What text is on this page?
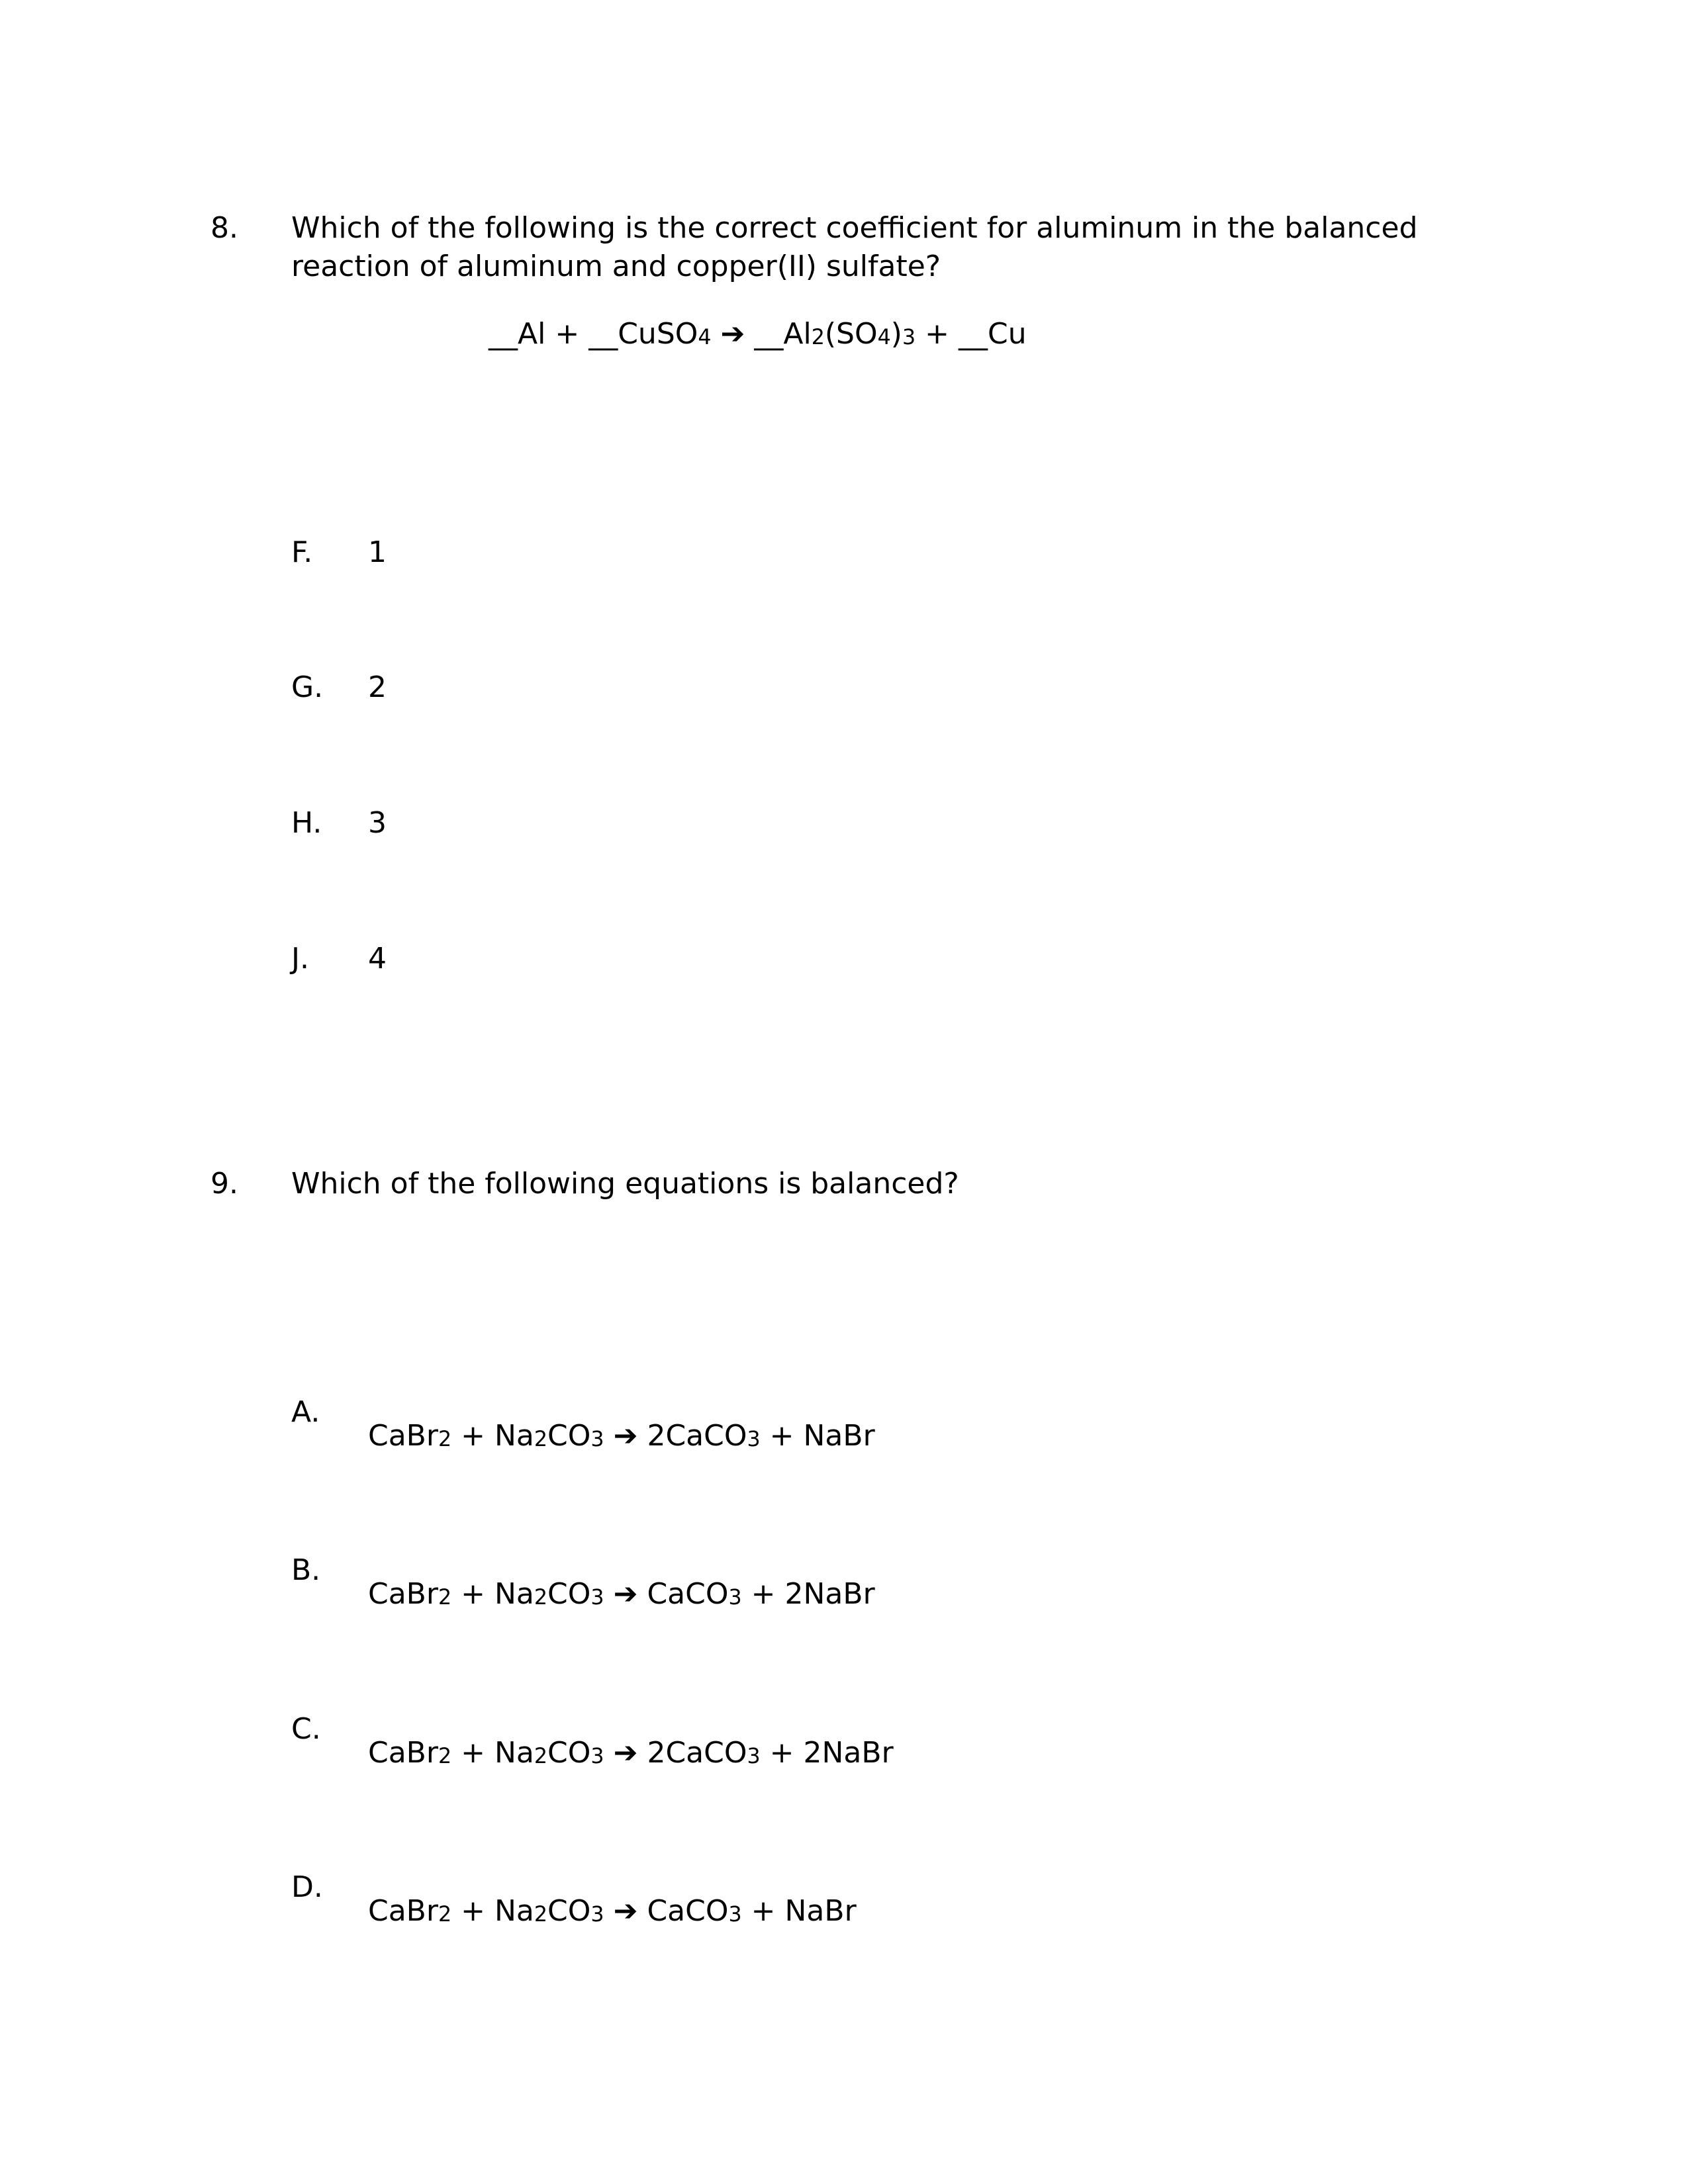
8. Which of the following is the correct coefficient for aluminum in the balanced
reaction of aluminum and copper(II) sulfate?
__Al + __CuSO$_4$ ➔ $\_\_Al_2(SO_4)_3$ + __Cu
F. 1
G. 2
H. 3
J. 4
9. Which of the following equations is balanced?
A.
CaBr$_2$ + $Na_2CO_3$ ➔ 2CaCO$_3$ + NaBr
B.
CaBr$_2$ + $Na_2CO_3$ ➔ CaCO$_3$ + 2NaBr
C.
CaBr$_2$ + $Na_2CO_3$ ➔ 2CaCO$_3$ + 2NaBr
D.
CaBr$_2$ + $Na_2CO_3$ ➔ CaCO$_3$ + NaBr
